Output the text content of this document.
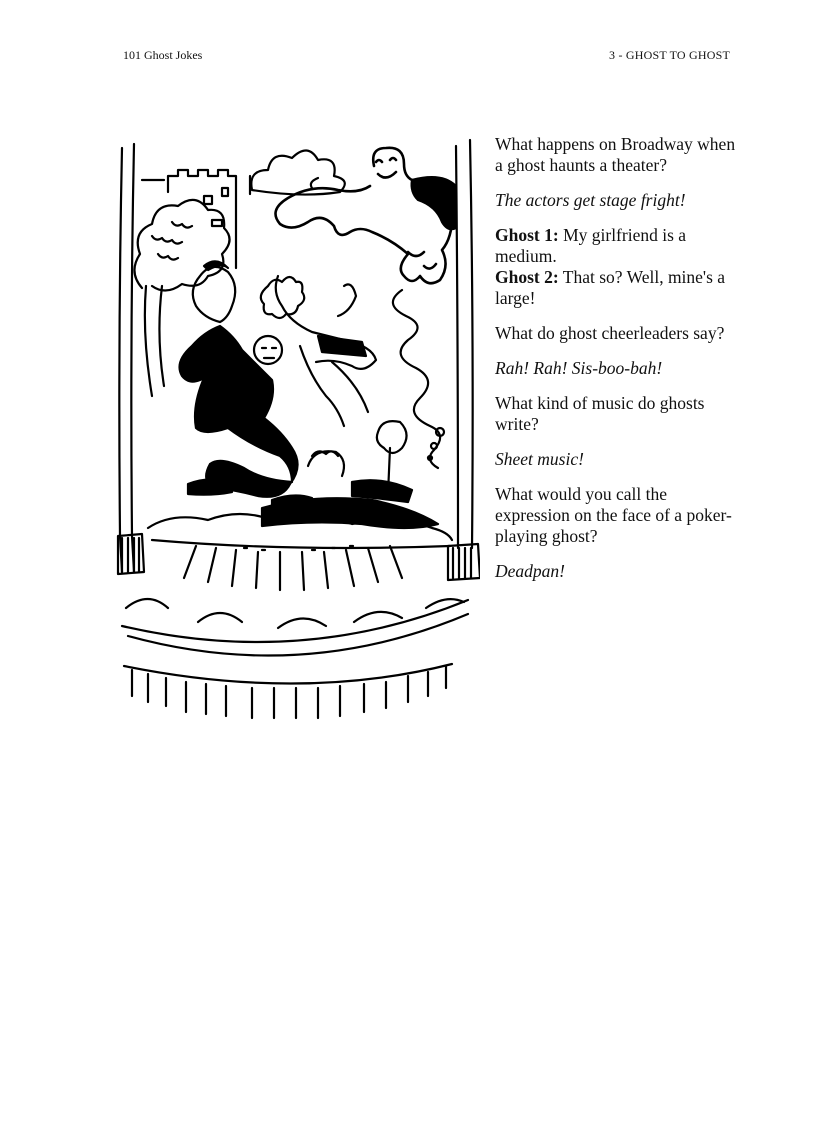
101 Ghost Jokes	3 - GHOST TO GHOST
What happens on Broadway when a ghost haunts a theater?
The actors get stage fright!
Ghost 1: My girlfriend is a medium.
Ghost 2: That so? Well, mine's a large!
What do ghost cheerleaders say?
Rah! Rah! Sis-boo-bah!
What kind of music do ghosts write?
Sheet music!
What would you call the expression on the face of a poker-playing ghost?
Deadpan!
